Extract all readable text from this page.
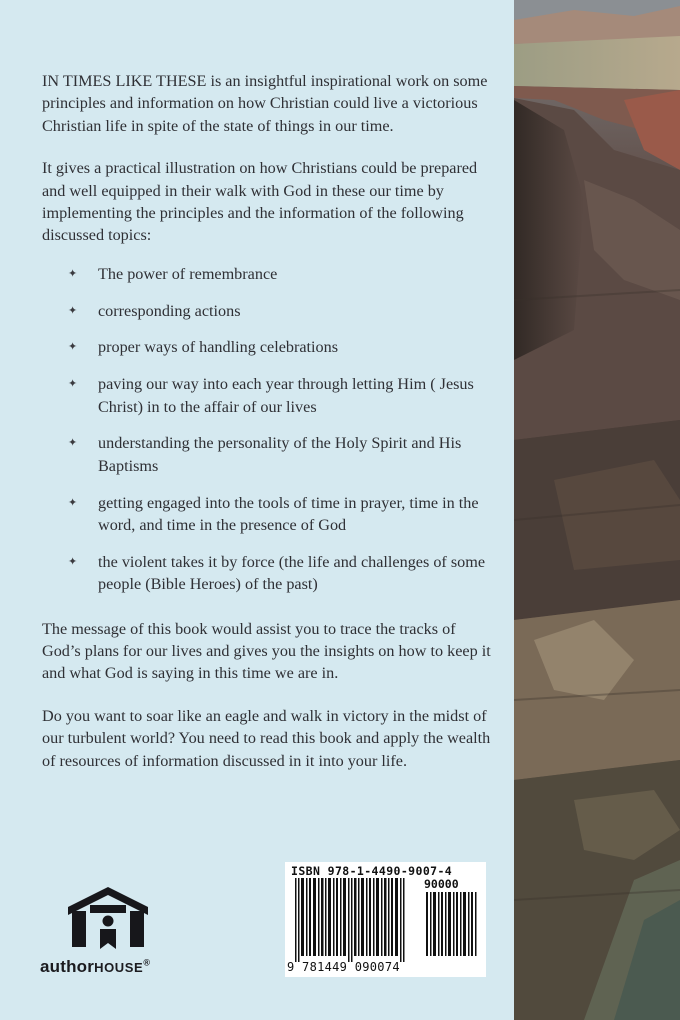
IN TIMES LIKE THESE is an insightful inspirational work on some principles and information on how Christian could live a victorious Christian life in spite of the state of things in our time.

It gives a practical illustration on how Christians could be prepared and well equipped in their walk with God in these our time by implementing the principles and the information of the following discussed topics:

✦ The power of remembrance
✦ corresponding actions
✦ proper ways of handling celebrations
✦ paving our way into each year through letting Him ( Jesus Christ) in to the affair of our lives
✦ understanding the personality of the Holy Spirit and His Baptisms
✦ getting engaged into the tools of time in prayer, time in the word, and time in the presence of God
✦ the violent takes it by force (the life and challenges of some people (Bible Heroes) of the past)

The message of this book would assist you to trace the tracks of God’s plans for our lives and gives you the insights on how to keep it and what God is saying in this time we are in.

Do you want to soar like an eagle and walk in victory in the midst of our turbulent world? You need to read this book and apply the wealth of resources of information discussed in it into your life.

authorHOUSE®
ISBN 978-1-4490-9007-4
90000
9 781449 090074
